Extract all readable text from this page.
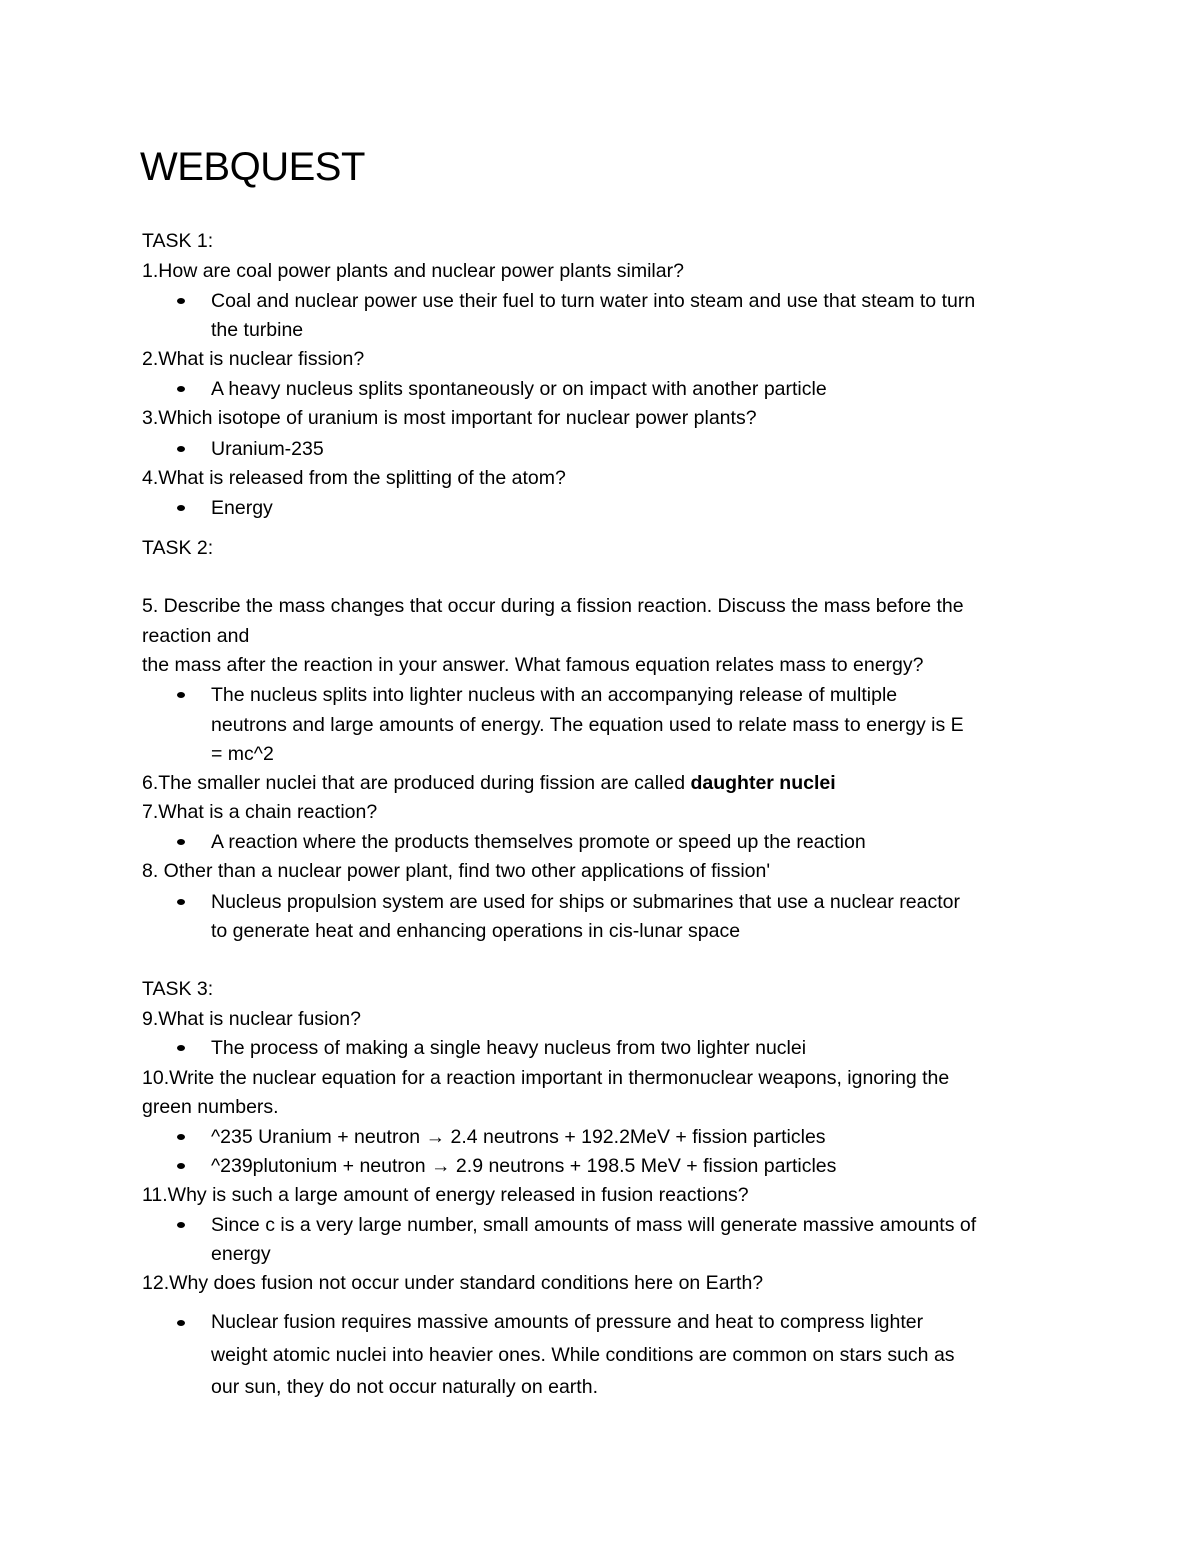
WEBQUEST
TASK 1:
1.How are coal power plants and nuclear power plants similar?
Coal and nuclear power use their fuel to turn water into steam and use that steam to turn
the turbine
2.What is nuclear fission?
A heavy nucleus splits spontaneously or on impact with another particle
3.Which isotope of uranium is most important for nuclear power plants?
Uranium-235
4.What is released from the splitting of the atom?
Energy
TASK 2:
5. Describe the mass changes that occur during a fission reaction. Discuss the mass before the
reaction and
the mass after the reaction in your answer. What famous equation relates mass to energy?
The nucleus splits into lighter nucleus with an accompanying release of multiple
neutrons and large amounts of energy. The equation used to relate mass to energy is E
= mc^2
6.The smaller nuclei that are produced during fission are called daughter nuclei
7.What is a chain reaction?
A reaction where the products themselves promote or speed up the reaction
8. Other than a nuclear power plant, find two other applications of fission'
Nucleus propulsion system are used for ships or submarines that use a nuclear reactor
to generate heat and enhancing operations in cis-lunar space
TASK 3:
9.What is nuclear fusion?
The process of making a single heavy nucleus from two lighter nuclei
10.Write the nuclear equation for a reaction important in thermonuclear weapons, ignoring the
green numbers.
^235 Uranium + neutron → 2.4 neutrons + 192.2MeV + fission particles
^239plutonium + neutron → 2.9 neutrons + 198.5 MeV + fission particles
11.Why is such a large amount of energy released in fusion reactions?
Since c is a very large number, small amounts of mass will generate massive amounts of
energy
12.Why does fusion not occur under standard conditions here on Earth?
Nuclear fusion requires massive amounts of pressure and heat to compress lighter
weight atomic nuclei into heavier ones. While conditions are common on stars such as
our sun, they do not occur naturally on earth.
